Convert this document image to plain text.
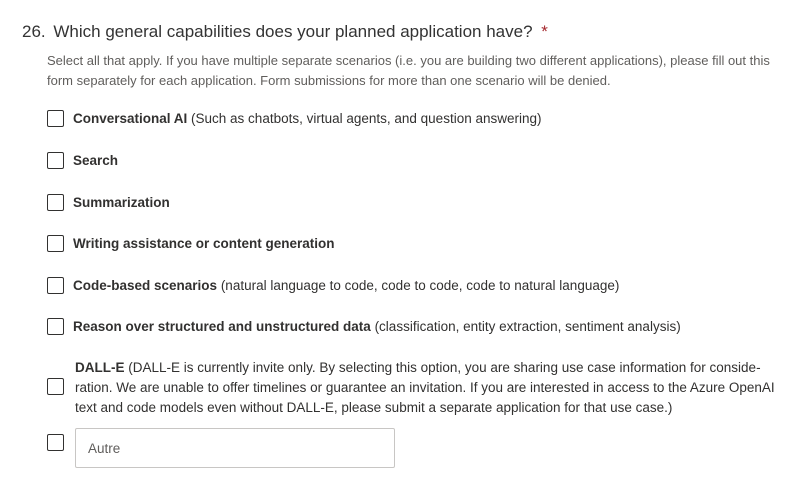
26. Which general capabilities does your planned application have? *
Select all that apply. If you have multiple separate scenarios (i.e. you are building two different applications), please fill out this form separately for each application. Form submissions for more than one scenario will be denied.
Conversational AI (Such as chatbots, virtual agents, and question answering)
Search
Summarization
Writing assistance or content generation
Code-based scenarios (natural language to code, code to code, code to natural language)
Reason over structured and unstructured data (classification, entity extraction, sentiment analysis)
DALL-E (DALL-E is currently invite only. By selecting this option, you are sharing use case information for consideration. We are unable to offer timelines or guarantee an invitation. If you are interested in access to the Azure OpenAI text and code models even without DALL-E, please submit a separate application for that use case.)
Autre
